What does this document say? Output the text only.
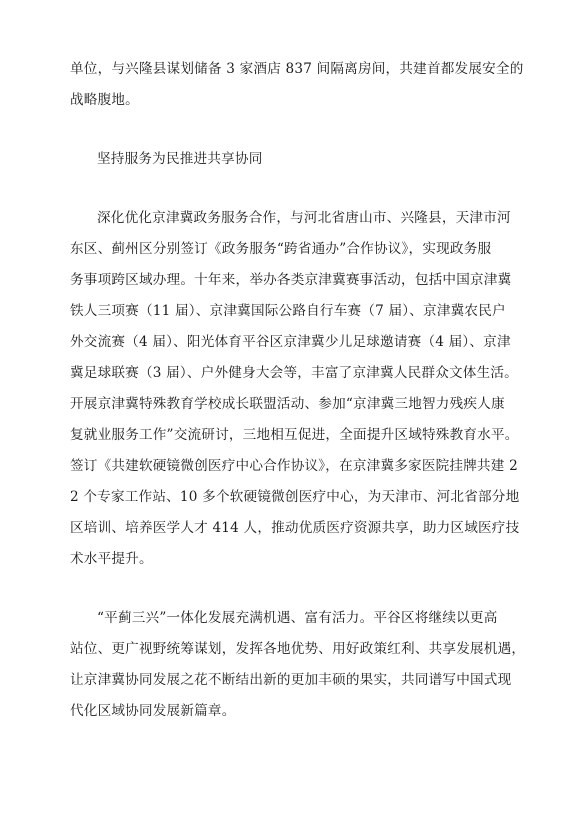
单位，与兴隆县谋划储备 3 家酒店 837 间隔离房间，共建首都发展安全的
战略腹地。
坚持服务为民推进共享协同
深化优化京津冀政务服务合作，与河北省唐山市、兴隆县，天津市河
东区、蓟州区分别签订《政务服务“跨省通办”合作协议》，实现政务服
务事项跨区域办理。十年来，举办各类京津冀赛事活动，包括中国京津冀
铁人三项赛（11 届）、京津冀国际公路自行车赛（7 届）、京津冀农民户
外交流赛（4 届）、阳光体育平谷区京津冀少儿足球邀请赛（4 届）、京津
冀足球联赛（3 届）、户外健身大会等，丰富了京津冀人民群众文体生活。
开展京津冀特殊教育学校成长联盟活动、参加“京津冀三地智力残疾人康
复就业服务工作”交流研讨，三地相互促进，全面提升区域特殊教育水平。
签订《共建软硬镜微创医疗中心合作协议》，在京津冀多家医院挂牌共建 2
2 个专家工作站、10 多个软硬镜微创医疗中心，为天津市、河北省部分地
区培训、培养医学人才 414 人，推动优质医疗资源共享，助力区域医疗技
术水平提升。
“平蓟三兴”一体化发展充满机遇、富有活力。平谷区将继续以更高
站位、更广视野统筹谋划，发挥各地优势、用好政策红利、共享发展机遇，
让京津冀协同发展之花不断结出新的更加丰硕的果实，共同谱写中国式现
代化区域协同发展新篇章。
